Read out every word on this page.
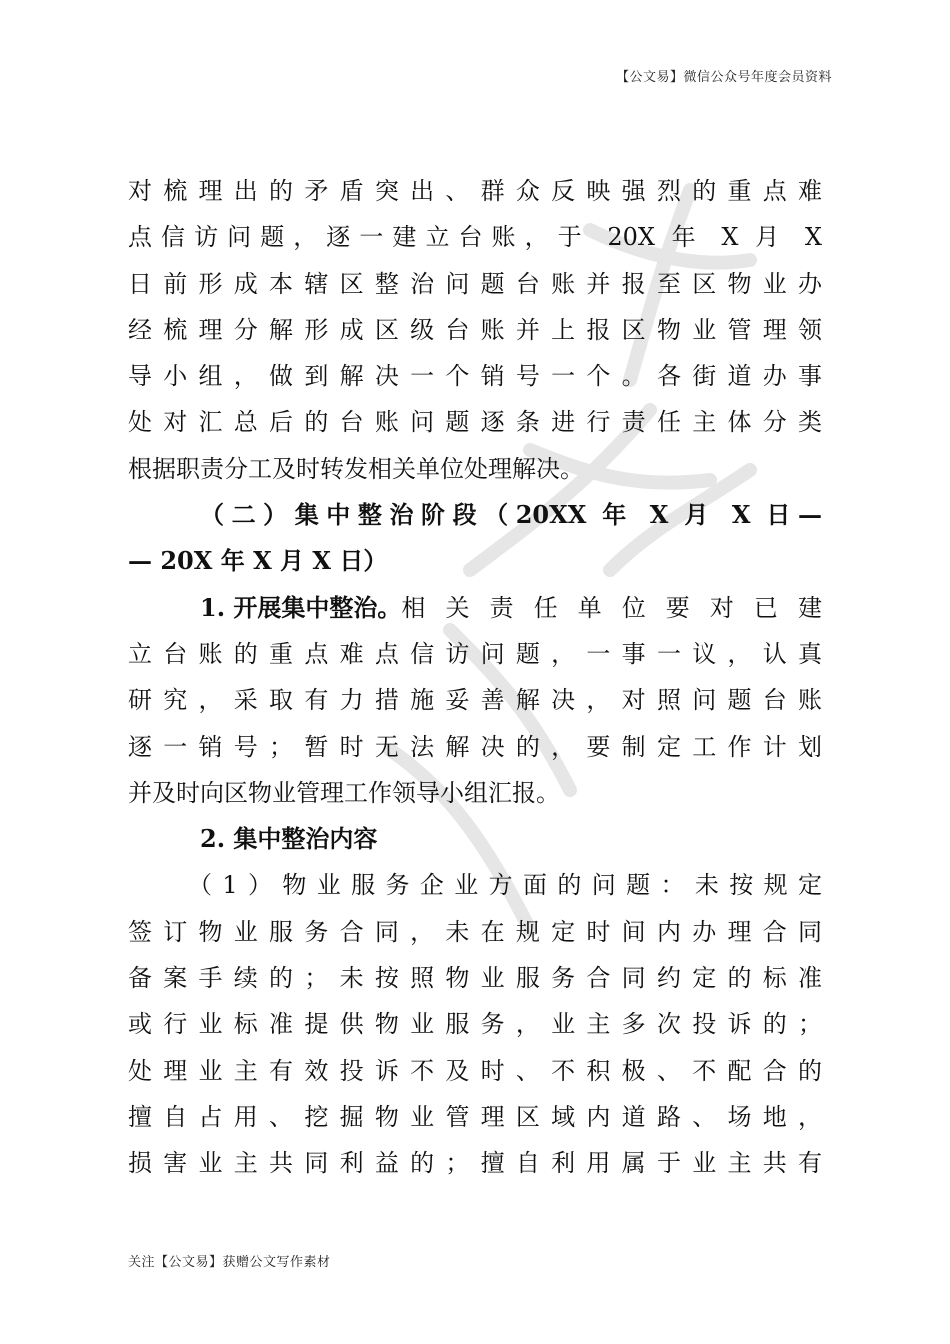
【公文易】微信公众号年度会员资料
对梳理出的矛盾突出、群众反映强烈的重点难
点信访问题，逐一建立台账，于 20X 年 X 月 X
日前形成本辖区整治问题台账并报至区物业办
经梳理分解形成区级台账并上报区物业管理领
导小组，做到解决一个销号一个。各街道办事
处对汇总后的台账问题逐条进行责任主体分类
根据职责分工及时转发相关单位处理解决。
（二）集中整治阶段（20XX 年 X 月 X 日—
— 20X 年 X 月 X 日）
1. 开展集中整治。 相关责任单位要对已建
立台账的重点难点信访问题，一事一议，认真
研究，采取有力措施妥善解决，对照问题台账
逐一销号；暂时无法解决的，要制定工作计划
并及时向区物业管理工作领导小组汇报。
2. 集中整治内容
（1）物业服务企业方面的问题：未按规定
签订物业服务合同，未在规定时间内办理合同
备案手续的；未按照物业服务合同约定的标准
或行业标准提供物业服务，业主多次投诉的；
处理业主有效投诉不及时、不积极、不配合的
擅自占用、挖掘物业管理区域内道路、场地，
损害业主共同利益的；擅自利用属于业主共有
关注【公文易】获赠公文写作素材
